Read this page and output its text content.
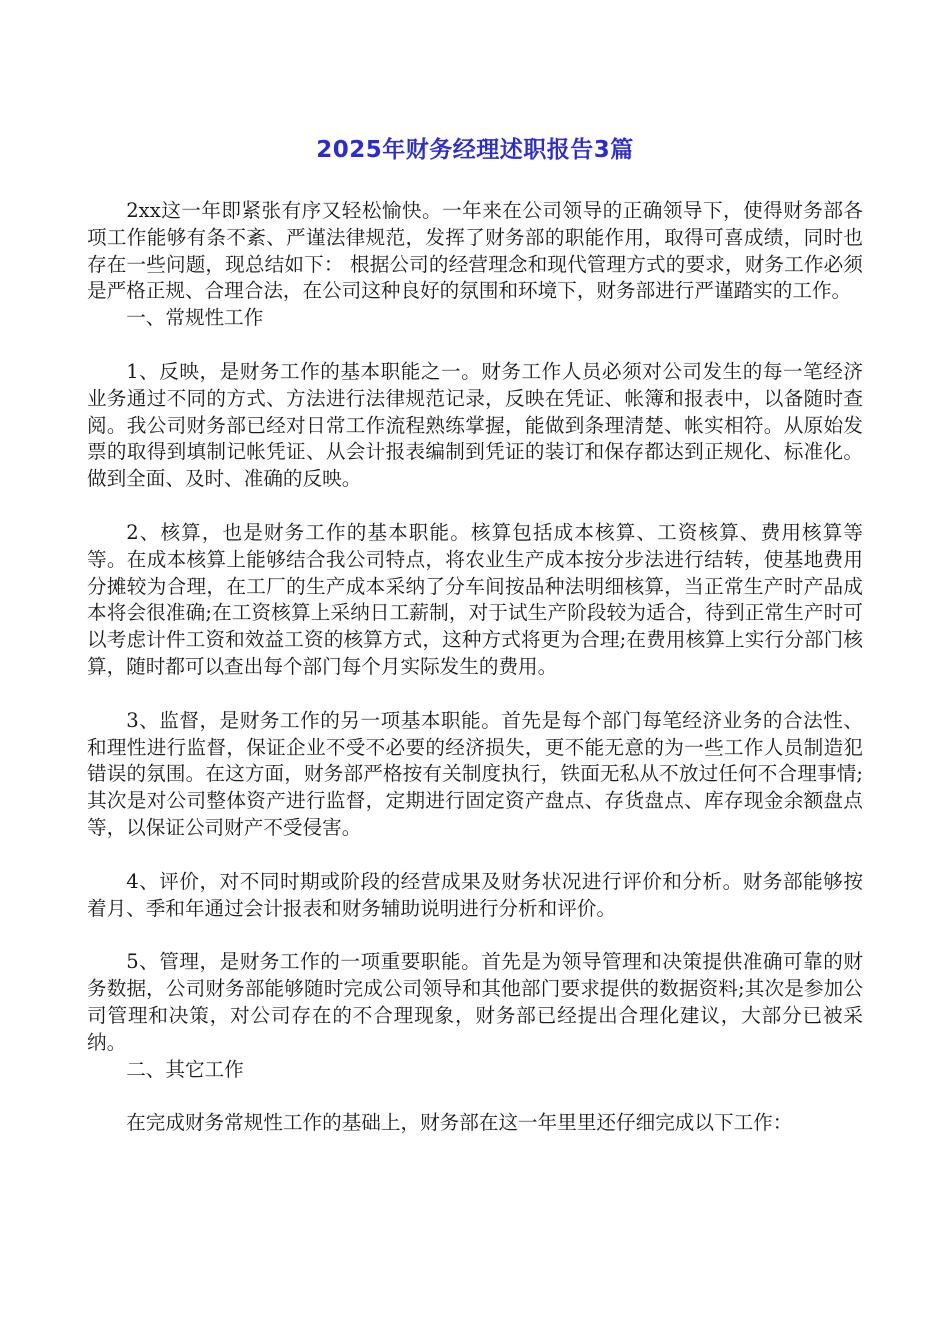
2025年财务经理述职报告3篇

2xx这一年即紧张有序又轻松愉快。一年来在公司领导的正确领导下，使得财务部各项工作能够有条不紊、严谨法律规范，发挥了财务部的职能作用，取得可喜成绩，同时也存在一些问题，现总结如下： 根据公司的经营理念和现代管理方式的要求，财务工作必须是严格正规、合理合法，在公司这种良好的氛围和环境下，财务部进行严谨踏实的工作。

一、常规性工作

1、反映，是财务工作的基本职能之一。财务工作人员必须对公司发生的每一笔经济业务通过不同的方式、方法进行法律规范记录，反映在凭证、帐簿和报表中，以备随时查阅。我公司财务部已经对日常工作流程熟练掌握，能做到条理清楚、帐实相符。从原始发票的取得到填制记帐凭证、从会计报表编制到凭证的装订和保存都达到正规化、标准化。做到全面、及时、准确的反映。

2、核算，也是财务工作的基本职能。核算包括成本核算、工资核算、费用核算等等。在成本核算上能够结合我公司特点，将农业生产成本按分步法进行结转，使基地费用分摊较为合理，在工厂的生产成本采纳了分车间按品种法明细核算，当正常生产时产品成本将会很准确;在工资核算上采纳日工薪制，对于试生产阶段较为适合，待到正常生产时可以考虑计件工资和效益工资的核算方式，这种方式将更为合理;在费用核算上实行分部门核算，随时都可以查出每个部门每个月实际发生的费用。

3、监督，是财务工作的另一项基本职能。首先是每个部门每笔经济业务的合法性、和理性进行监督，保证企业不受不必要的经济损失，更不能无意的为一些工作人员制造犯错误的氛围。在这方面，财务部严格按有关制度执行，铁面无私从不放过任何不合理事情;其次是对公司整体资产进行监督，定期进行固定资产盘点、存货盘点、库存现金余额盘点等，以保证公司财产不受侵害。

4、评价，对不同时期或阶段的经营成果及财务状况进行评价和分析。财务部能够按着月、季和年通过会计报表和财务辅助说明进行分析和评价。

5、管理，是财务工作的一项重要职能。首先是为领导管理和决策提供准确可靠的财务数据，公司财务部能够随时完成公司领导和其他部门要求提供的数据资料;其次是参加公司管理和决策，对公司存在的不合理现象，财务部已经提出合理化建议，大部分已被采纳。

二、其它工作

在完成财务常规性工作的基础上，财务部在这一年里里还仔细完成以下工作：
